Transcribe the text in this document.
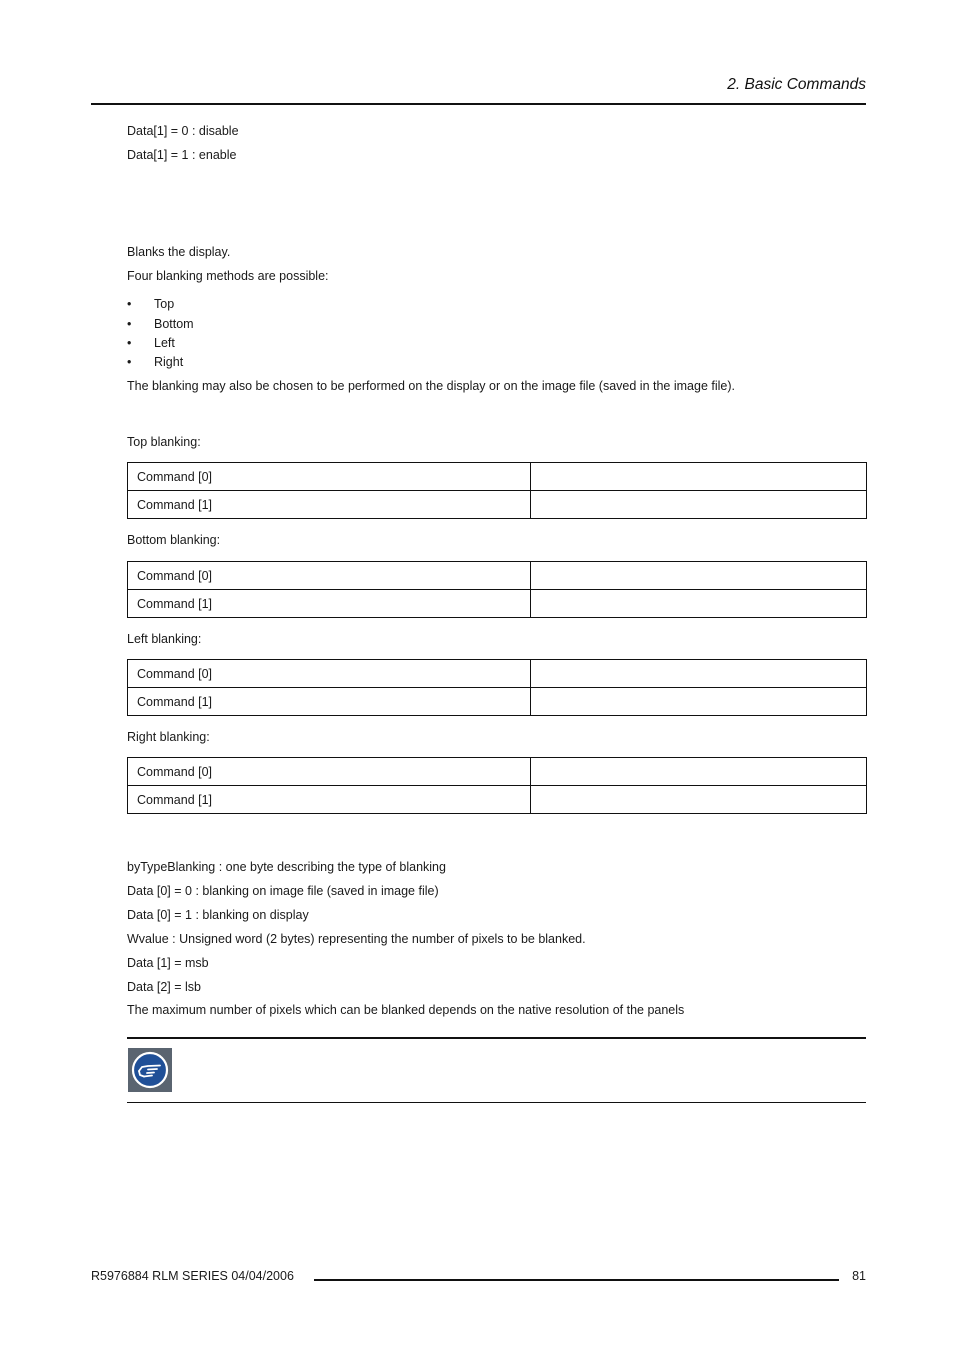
2. Basic Commands
Data[1] = 0 : disable
Data[1] = 1 : enable
Blanks the display.
Four blanking methods are possible:
• Top
• Bottom
• Left
• Right
The blanking may also be chosen to be performed on the display or on the image file (saved in the image file).
Top blanking:
Command [0]	
Command [1]	
Bottom blanking:
Command [0]	
Command [1]	
Left blanking:
Command [0]	
Command [1]	
Right blanking:
Command [0]	
Command [1]	
byTypeBlanking : one byte describing the type of blanking
Data [0] = 0 : blanking on image file (saved in image file)
Data [0] = 1 : blanking on display
Wvalue : Unsigned word (2 bytes) representing the number of pixels to be blanked.
Data [1] = msb
Data [2] = lsb
The maximum number of pixels which can be blanked depends on the native resolution of the panels
R5976884 RLM SERIES 04/04/2006	81
